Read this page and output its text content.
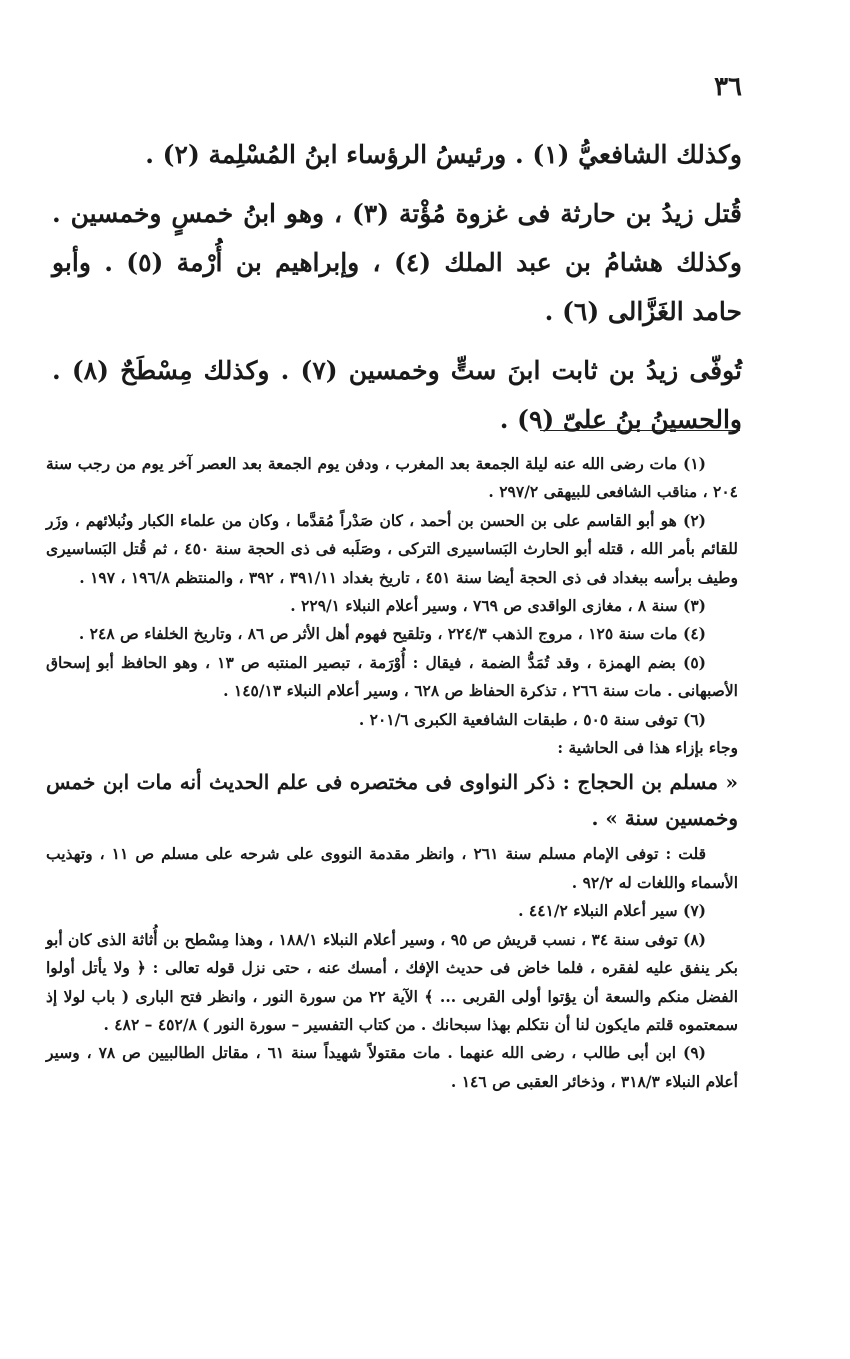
٣٦

وكذلك الشافعيُّ (١) . ورئيسُ الرؤساء ابنُ المُسْلِمة (٢) .

قُتل زيدُ بن حارثة فى غزوة مُؤْتة (٣) ، وهو ابنُ خمسٍ وخمسين . وكذلك هشامُ بن عبد الملك (٤) ، وإبراهيم بن أُرْمة (٥) . وأبو حامد الغَزَّالى (٦) .

تُوفّى زيدُ بن ثابت ابنَ ستٍّ وخمسين (٧) . وكذلك مِسْطَحٌ (٨) . والحسينُ بنُ علىّ (٩) .

(١) مات رضى الله عنه ليلة الجمعة بعد المغرب ، ودفن يوم الجمعة بعد العصر آخر يوم من رجب سنة ٢٠٤ ، مناقب الشافعى للبيهقى ٢٩٧/٢ .

(٢) هو أبو القاسم على بن الحسن بن أحمد ، كان صَدْراً مُقدَّما ، وكان من علماء الكبار ونُبلائهم ، وزَر للقائم بأمر الله ، قتله أبو الحارث البَساسيرى التركى ، وصَلَبه فى ذى الحجة سنة ٤٥٠ ، ثم قُتل البَساسيرى وطيف برأسه ببغداد فى ذى الحجة أيضا سنة ٤٥١ ، تاريخ بغداد ٣٩١/١١ ، ٣٩٢ ، والمنتظم ١٩٦/٨ ، ١٩٧ .

(٣) سنة ٨ ، مغازى الواقدى ص ٧٦٩ ، وسير أعلام النبلاء ٢٢٩/١ .

(٤) مات سنة ١٢٥ ، مروج الذهب ٢٢٤/٣ ، وتلقيح فهوم أهل الأثر ص ٨٦ ، وتاريخ الخلفاء ص ٢٤٨ .

(٥) بضم الهمزة ، وقد تُمَدُّ الضمة ، فيقال : أُوْرَمة ، تبصير المنتبه ص ١٣ ، وهو الحافظ أبو إسحاق الأصبهانى . مات سنة ٢٦٦ ، تذكرة الحفاظ ص ٦٢٨ ، وسير أعلام النبلاء ١٤٥/١٣ .

(٦) توفى سنة ٥٠٥ ، طبقات الشافعية الكبرى ٢٠١/٦ .

وجاء بإزاء هذا فى الحاشية :

« مسلم بن الحجاج : ذكر النواوى فى مختصره فى علم الحديث أنه مات ابن خمس وخمسين سنة » .

قلت : توفى الإمام مسلم سنة ٢٦١ ، وانظر مقدمة النووى على شرحه على مسلم ص ١١ ، وتهذيب الأسماء واللغات له ٩٢/٢ .

(٧) سير أعلام النبلاء ٤٤١/٢ .

(٨) توفى سنة ٣٤ ، نسب قريش ص ٩٥ ، وسير أعلام النبلاء ١٨٨/١ ، وهذا مِسْطح بن أُثاثة الذى كان أبو بكر ينفق عليه لفقره ، فلما خاض فى حديث الإفك ، أمسك عنه ، حتى نزل قوله تعالى : ﴿ ولا يأتل أولوا الفضل منكم والسعة أن يؤتوا أولى القربى ... ﴾ الآية ٢٢ من سورة النور ، وانظر فتح البارى ( باب لولا إذ سمعتموه قلتم مايكون لنا أن نتكلم بهذا سبحانك . من كتاب التفسير – سورة النور ) ٤٥٢/٨ – ٤٨٢ .

(٩) ابن أبى طالب ، رضى الله عنهما . مات مقتولاً شهيداً سنة ٦١ ، مقاتل الطالبيين ص ٧٨ ، وسير أعلام النبلاء ٣١٨/٣ ، وذخائر العقبى ص ١٤٦ .
